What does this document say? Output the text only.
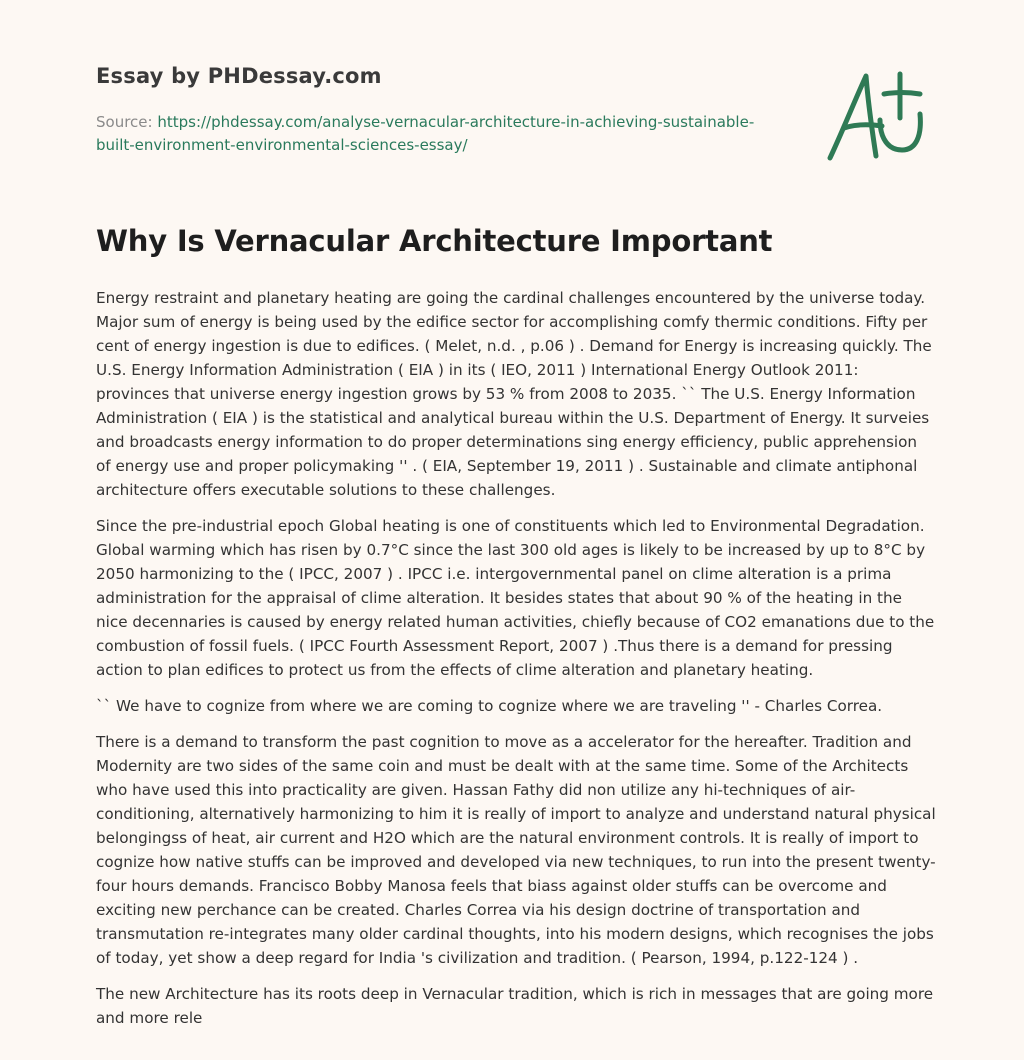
Essay by PHDessay.com
Source: https://phdessay.com/analyse-vernacular-architecture-in-achieving-sustainable-built-environment-environmental-sciences-essay/
Why Is Vernacular Architecture Important

Energy restraint and planetary heating are going the cardinal challenges encountered by the universe today. Major sum of energy is being used by the edifice sector for accomplishing comfy thermic conditions. Fifty per cent of energy ingestion is due to edifices. ( Melet, n.d. , p.06 ) . Demand for Energy is increasing quickly. The U.S. Energy Information Administration ( EIA ) in its ( IEO, 2011 ) International Energy Outlook 2011: provinces that universe energy ingestion grows by 53 % from 2008 to 2035. `` The U.S. Energy Information Administration ( EIA ) is the statistical and analytical bureau within the U.S. Department of Energy. It surveies and broadcasts energy information to do proper determinations sing energy efficiency, public apprehension of energy use and proper policymaking '' . ( EIA, September 19, 2011 ) . Sustainable and climate antiphonal architecture offers executable solutions to these challenges.

Since the pre-industrial epoch Global heating is one of constituents which led to Environmental Degradation. Global warming which has risen by 0.7°C since the last 300 old ages is likely to be increased by up to 8°C by 2050 harmonizing to the ( IPCC, 2007 ) . IPCC i.e. intergovernmental panel on clime alteration is a prima administration for the appraisal of clime alteration. It besides states that about 90 % of the heating in the nice decennaries is caused by energy related human activities, chiefly because of CO2 emanations due to the combustion of fossil fuels. ( IPCC Fourth Assessment Report, 2007 ) .Thus there is a demand for pressing action to plan edifices to protect us from the effects of clime alteration and planetary heating.

`` We have to cognize from where we are coming to cognize where we are traveling '' - Charles Correa.

There is a demand to transform the past cognition to move as a accelerator for the hereafter. Tradition and Modernity are two sides of the same coin and must be dealt with at the same time. Some of the Architects who have used this into practicality are given. Hassan Fathy did non utilize any hi-techniques of air-conditioning, alternatively harmonizing to him it is really of import to analyze and understand natural physical belongingss of heat, air current and H2O which are the natural environment controls. It is really of import to cognize how native stuffs can be improved and developed via new techniques, to run into the present twenty-four hours demands. Francisco Bobby Manosa feels that biass against older stuffs can be overcome and exciting new perchance can be created. Charles Correa via his design doctrine of transportation and transmutation re-integrates many older cardinal thoughts, into his modern designs, which recognises the jobs of today, yet show a deep regard for India 's civilization and tradition. ( Pearson, 1994, p.122-124 ) .

The new Architecture has its roots deep in Vernacular tradition, which is rich in messages that are going more and more rele
